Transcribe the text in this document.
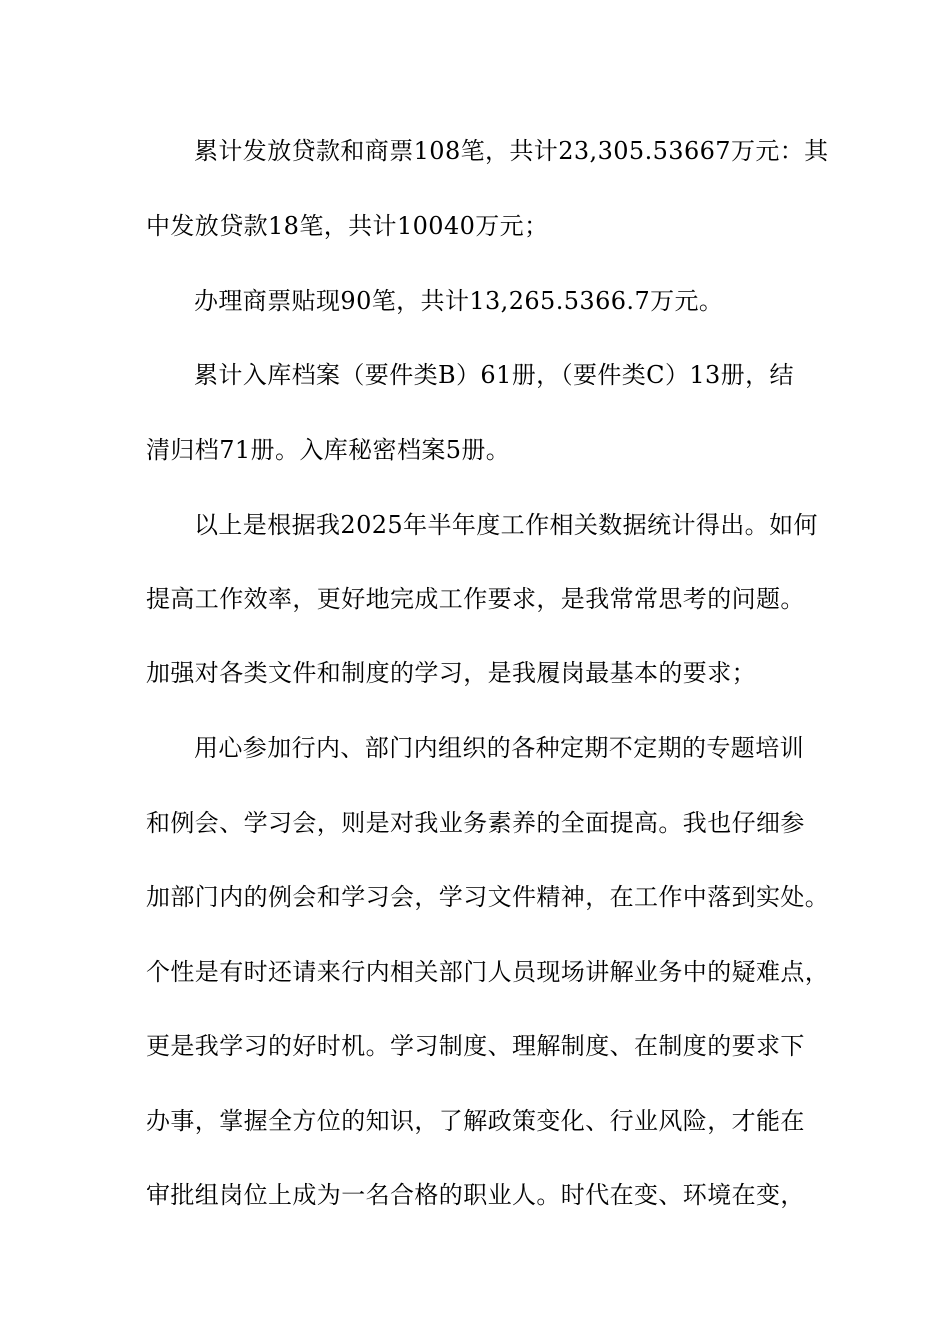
累计发放贷款和商票108笔，共计23,305.53667万元：其
中发放贷款18笔，共计10040万元；
办理商票贴现90笔，共计13,265.5366.7万元。
累计入库档案（要件类B）61册，（要件类C）13册，结
清归档71册。入库秘密档案5册。
以上是根据我2025年半年度工作相关数据统计得出。如何
提高工作效率，更好地完成工作要求，是我常常思考的问题。
加强对各类文件和制度的学习，是我履岗最基本的要求；
用心参加行内、部门内组织的各种定期不定期的专题培训
和例会、学习会，则是对我业务素养的全面提高。我也仔细参
加部门内的例会和学习会，学习文件精神，在工作中落到实处。
个性是有时还请来行内相关部门人员现场讲解业务中的疑难点，
更是我学习的好时机。学习制度、理解制度、在制度的要求下
办事，掌握全方位的知识，了解政策变化、行业风险，才能在
审批组岗位上成为一名合格的职业人。时代在变、环境在变，
